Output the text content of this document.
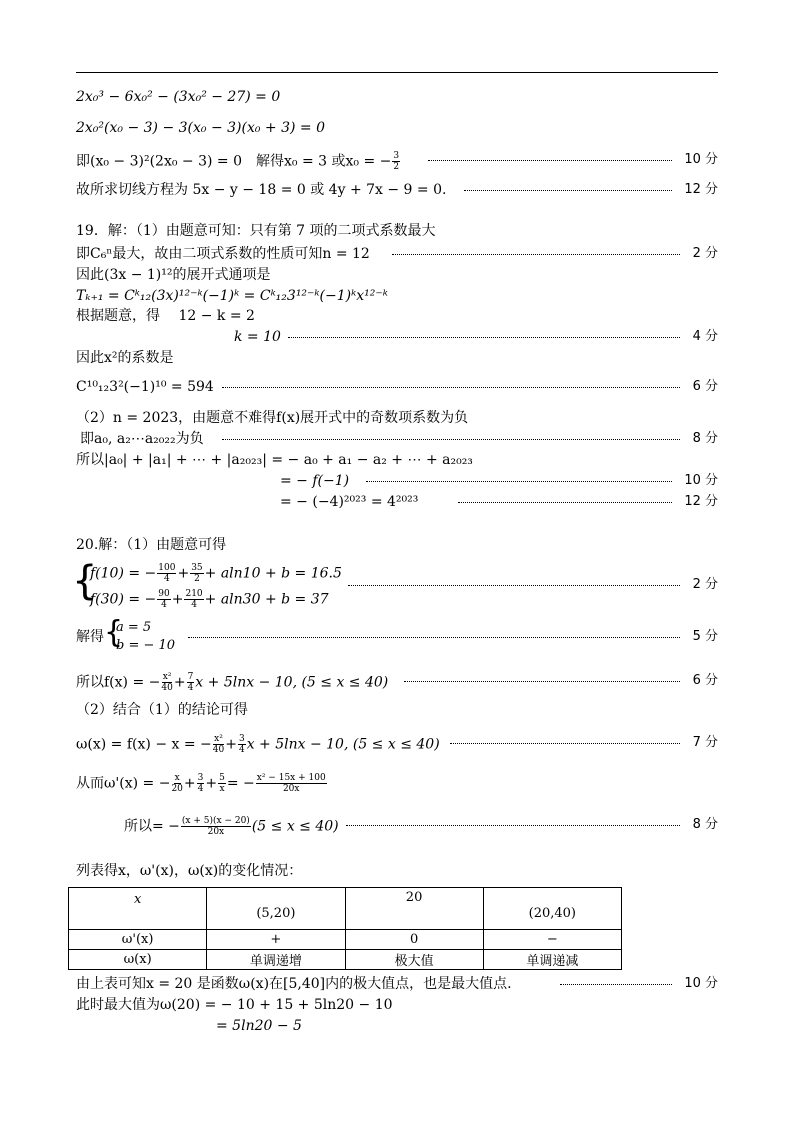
2x₀³ − 6x₀² − (3x₀² − 27) = 0
2x₀²(x₀ − 3) − 3(x₀ − 3)(x₀ + 3) = 0
即(x₀ − 3)²(2x₀ − 3) = 0　解得x₀ = 3 或x₀ = − $\frac{3}{2}$	10 分
故所求切线方程为 5x − y − 18 = 0 或 4y + 7x − 9 = 0.	12 分
19．解：（1）由题意可知：只有第 7 项的二项式系数最大
即C₆ⁿ最大，故由二项式系数的性质可知n = 12	2 分
因此(3x − 1)¹²的展开式通项是
Tₖ₊₁ = Cᵏ₁₂(3x)¹²⁻ᵏ(−1)ᵏ = Cᵏ₁₂3¹²⁻ᵏ(−1)ᵏx¹²⁻ᵏ
根据题意，得　 12 − k = 2
k = 10	4 分
因此x²的系数是
C¹⁰₁₂3²(−1)¹⁰ = 594	6 分
（2）n = 2023，由题意不难得f(x)展开式中的奇数项系数为负
即a₀, a₂⋯a₂₀₂₂为负	8 分
所以|a₀| + |a₁| + ⋯ + |a₂₀₂₃| = − a₀ + a₁ − a₂ + ⋯ + a₂₀₂₃
= − f(−1)	10 分
= − (−4)²⁰²³ = 4²⁰²³	12 分
20.解：（1）由题意可得
{
f(10) = − $\frac{100}{4} + \frac{35}{2} + aln10 + b = 16.5$
2 分
f(30) = − $\frac{90}{4} + \frac{210}{4} + aln30 + b = 37$
解得	5 分
{
a = 5
b = − 10
所以f(x) = − $\frac{\text{x²}}{40} + \frac{7}{4}$ x + 5lnx − 10, (5 ≤ x ≤ 40)	6 分
（2）结合（1）的结论可得
ω(x) = f(x) − x = − $\frac{\text{x²}}{40} + \frac{3}{4}$ x + 5lnx − 10, (5 ≤ x ≤ 40)	7 分
从而ω'(x) = − $\frac{x}{20} + \frac{3}{4} + \frac{5}{x}$ = − $\frac{\text{x² − 15x + 100}}{20x}$
所以= − $\frac{(x + 5)(x - 20)}{20x} (5 \le x \le 40)$	8 分
列表得x，ω'(x)，ω(x)的变化情况：
x	(5,20)	20	(20,40)
ω'(x)	+	0	−
ω(x)	单调递增	极大值	单调递减
由上表可知x = 20 是函数ω(x)在[5,40]内的极大值点，也是最大值点.	10 分
此时最大值为ω(20) = − 10 + 15 + 5ln20 − 10
= 5ln20 − 5
